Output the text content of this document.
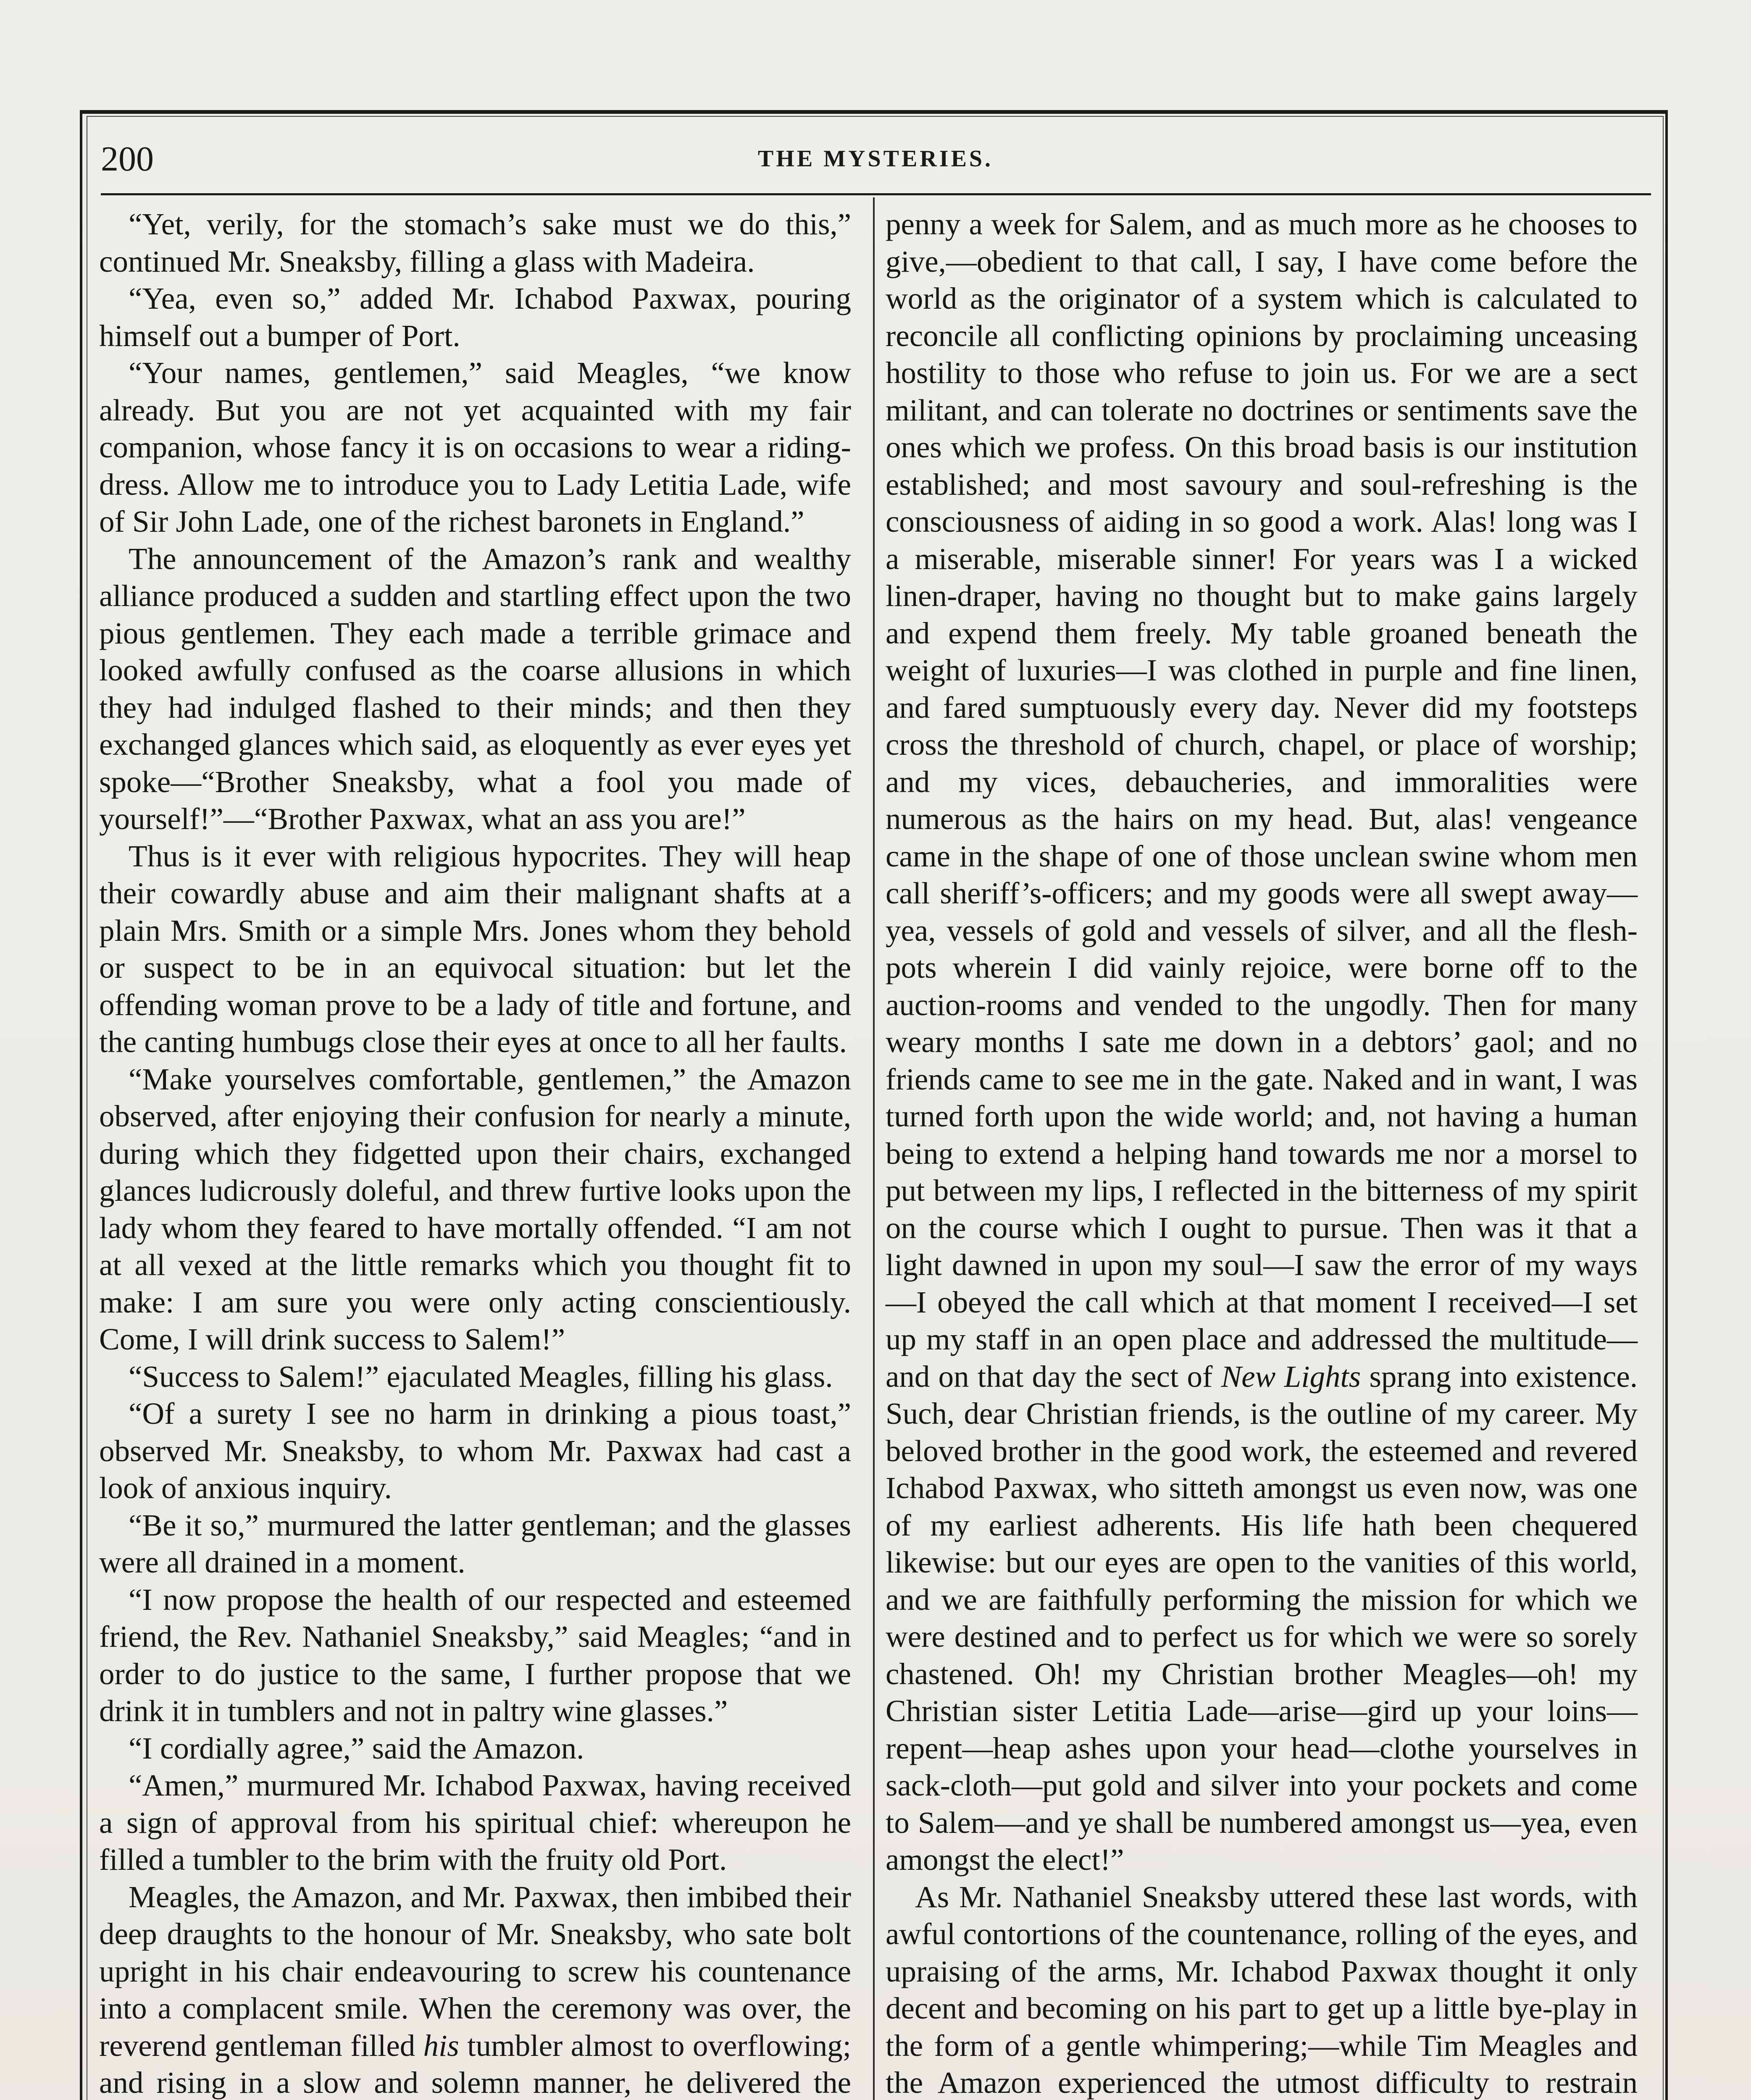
200	THE MYSTERIES.

“Yet, verily, for the stomach’s sake must we do this,” continued Mr. Sneaksby, filling a glass with Madeira.

“Yea, even so,” added Mr. Ichabod Paxwax, pouring himself out a bumper of Port.

“Your names, gentlemen,” said Meagles, “we know already. But you are not yet acquainted with my fair companion, whose fancy it is on occasions to wear a riding-dress. Allow me to introduce you to Lady Letitia Lade, wife of Sir John Lade, one of the richest baronets in England.”

The announcement of the Amazon’s rank and wealthy alliance produced a sudden and startling effect upon the two pious gentlemen. They each made a terrible grimace and looked awfully confused as the coarse allusions in which they had indulged flashed to their minds; and then they exchanged glances which said, as eloquently as ever eyes yet spoke—“Brother Sneaksby, what a fool you made of yourself!”—“Brother Paxwax, what an ass you are!”

Thus is it ever with religious hypocrites. They will heap their cowardly abuse and aim their malignant shafts at a plain Mrs. Smith or a simple Mrs. Jones whom they behold or suspect to be in an equivocal situation: but let the offending woman prove to be a lady of title and fortune, and the canting humbugs close their eyes at once to all her faults.

“Make yourselves comfortable, gentlemen,” the Amazon observed, after enjoying their confusion for nearly a minute, during which they fidgetted upon their chairs, exchanged glances ludicrously doleful, and threw furtive looks upon the lady whom they feared to have mortally offended. “I am not at all vexed at the little remarks which you thought fit to make: I am sure you were only acting conscientiously. Come, I will drink success to Salem!”

“Success to Salem!” ejaculated Meagles, filling his glass.

“Of a surety I see no harm in drinking a pious toast,” observed Mr. Sneaksby, to whom Mr. Paxwax had cast a look of anxious inquiry.

“Be it so,” murmured the latter gentleman; and the glasses were all drained in a moment.

“I now propose the health of our respected and esteemed friend, the Rev. Nathaniel Sneaksby,” said Meagles; “and in order to do justice to the same, I further propose that we drink it in tumblers and not in paltry wine glasses.”

“I cordially agree,” said the Amazon.

“Amen,” murmured Mr. Ichabod Paxwax, having received a sign of approval from his spiritual chief: whereupon he filled a tumbler to the brim with the fruity old Port.

Meagles, the Amazon, and Mr. Paxwax, then imbibed their deep draughts to the honour of Mr. Sneaksby, who sate bolt upright in his chair endeavouring to screw his countenance into a complacent smile. When the ceremony was over, the reverend gentleman filled his tumbler almost to overflowing; and rising in a slow and solemn manner, he delivered the

penny a week for Salem, and as much more as he chooses to give,—obedient to that call, I say, I have come before the world as the originator of a system which is calculated to reconcile all conflicting opinions by proclaiming unceasing hostility to those who refuse to join us. For we are a sect militant, and can tolerate no doctrines or sentiments save the ones which we profess. On this broad basis is our institution established; and most savoury and soul-refreshing is the consciousness of aiding in so good a work. Alas! long was I a miserable, miserable sinner! For years was I a wicked linen-draper, having no thought but to make gains largely and expend them freely. My table groaned beneath the weight of luxuries—I was clothed in purple and fine linen, and fared sumptuously every day. Never did my footsteps cross the threshold of church, chapel, or place of worship; and my vices, debaucheries, and immoralities were numerous as the hairs on my head. But, alas! vengeance came in the shape of one of those unclean swine whom men call sheriff’s-officers; and my goods were all swept away—yea, vessels of gold and vessels of silver, and all the flesh-pots wherein I did vainly rejoice, were borne off to the auction-rooms and vended to the ungodly. Then for many weary months I sate me down in a debtors’ gaol; and no friends came to see me in the gate. Naked and in want, I was turned forth upon the wide world; and, not having a human being to extend a helping hand towards me nor a morsel to put between my lips, I reflected in the bitterness of my spirit on the course which I ought to pursue. Then was it that a light dawned in upon my soul—I saw the error of my ways—I obeyed the call which at that moment I received—I set up my staff in an open place and addressed the multitude—and on that day the sect of New Lights sprang into existence. Such, dear Christian friends, is the outline of my career. My beloved brother in the good work, the esteemed and revered Ichabod Paxwax, who sitteth amongst us even now, was one of my earliest adherents. His life hath been chequered likewise: but our eyes are open to the vanities of this world, and we are faithfully performing the mission for which we were destined and to perfect us for which we were so sorely chastened. Oh! my Christian brother Meagles—oh! my Christian sister Letitia Lade—arise—gird up your loins—repent—heap ashes upon your head—clothe yourselves in sack-cloth—put gold and silver into your pockets and come to Salem—and ye shall be numbered amongst us—yea, even amongst the elect!”

As Mr. Nathaniel Sneaksby uttered these last words, with awful contortions of the countenance, rolling of the eyes, and upraising of the arms, Mr. Ichabod Paxwax thought it only decent and becoming on his part to get up a little bye-play in the form of a gentle whimpering;—while Tim Meagles and the Amazon experienced the utmost difficulty to restrain
